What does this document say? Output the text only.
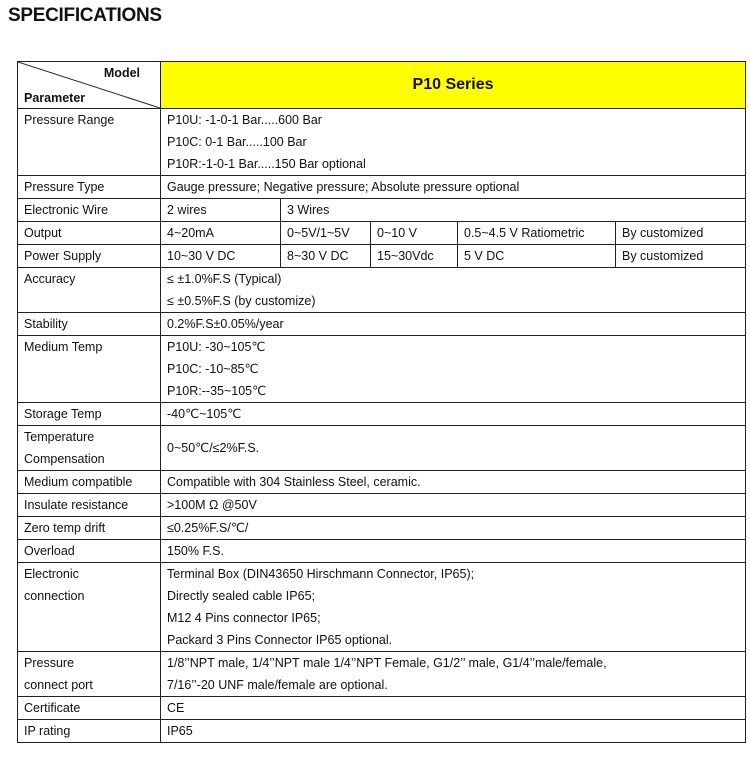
SPECIFICATIONS
Model
Parameter	P10 Series				
Pressure Range	P10U: -1-0-1 Bar.....600 Bar
P10C: 0-1 Bar.....100 Bar
P10R:-1-0-1 Bar.....150 Bar optional				

Pressure Type	Gauge pressure; Negative pressure; Absolute pressure optional				
Electronic Wire	2 wires	3 Wires			
Output	4~20mA	0~5V/1~5V	0~10 V	0.5~4.5 V Ratiometric	By customized
Power Supply	10~30 V DC	8~30 V DC	15~30Vdc	5 V DC	By customized
Accuracy	≤ ±1.0%F.S (Typical)
≤ ±0.5%F.S (by customize)				

Stability	0.2%F.S±0.05%/year				
Medium Temp	P10U: -30~105℃
P10C: -10~85℃
P10R:--35~105℃				

Storage Temp	-40℃~105℃				

Temperature
Compensation	0~50℃/≤2%F.S.				
Medium compatible	Compatible with 304 Stainless Steel, ceramic.				
Insulate resistance	>100M Ω @50V				
Zero temp drift	≤0.25%F.S/℃/				
Overload	150% F.S.				

Electronic
connection	Terminal Box (DIN43650 Hirschmann Connector, IP65);
Directly sealed cable IP65;
M12 4 Pins connector IP65;
Packard 3 Pins Connector IP65 optional.				

Pressure
connect port	1/8’’NPT male, 1/4’’NPT male 1/4’’NPT Female, G1/2’’ male, G1/4’’male/female,
7/16’’-20 UNF male/female are optional.				

Certificate	CE				
IP rating	IP65				
